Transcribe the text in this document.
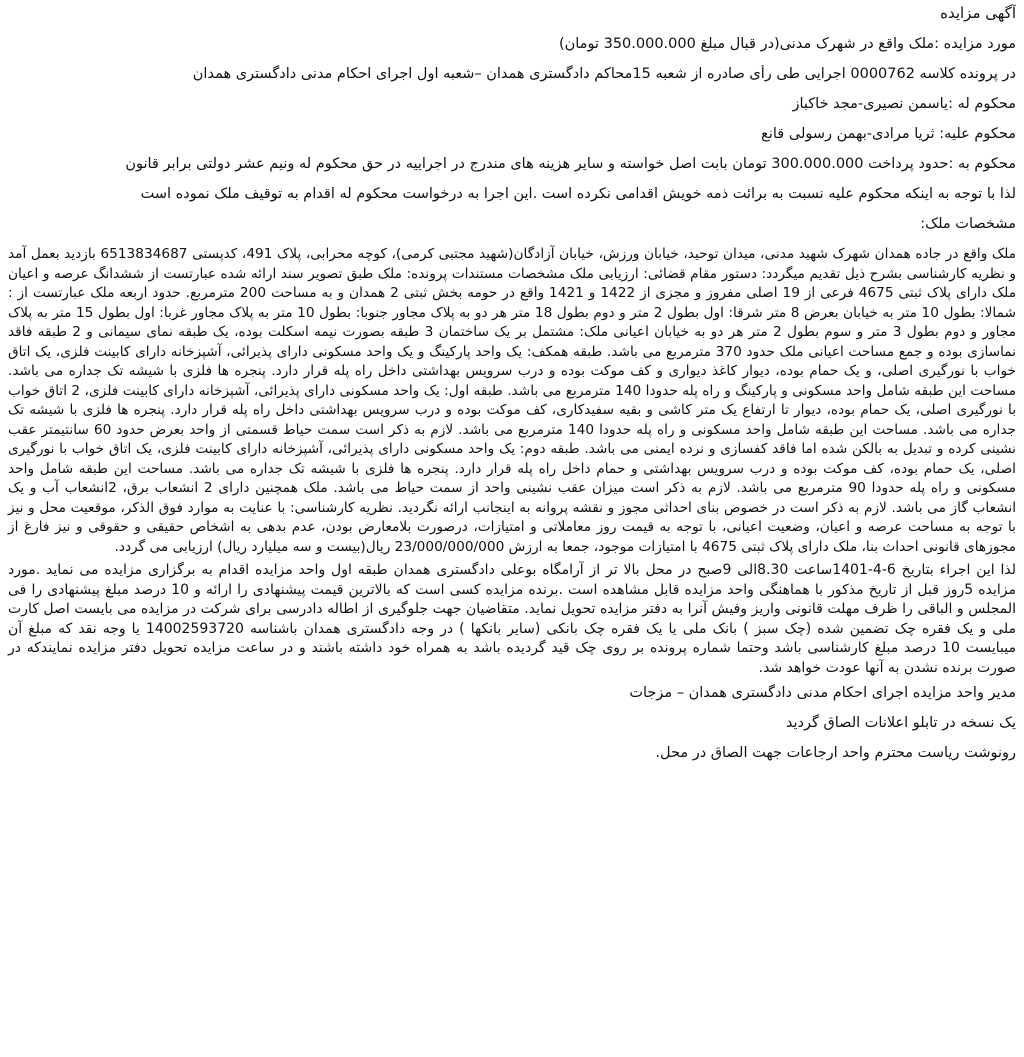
آگهی مزایده
مورد مزایده :ملک واقع در شهرک مدنی(در قبال مبلغ 350.000.000 تومان)
در پرونده کلاسه 0000762 اجرایی طی رأی صادره از شعبه 15محاکم دادگستری همدان –شعبه اول اجرای احکام مدنی دادگستری همدان
محکوم له :یاسمن نصیری-مجد خاکباز
محکوم علیه: ثریا مرادی-بهمن رسولی قانع
محکوم به :حدود پرداخت 300.000.000 تومان بابت اصل خواسته و سایر هزینه های مندرج در اجراییه در حق محکوم له ونیم عشر دولتی برابر قانون
لذا با توجه به اینکه محکوم علیه نسبت به برائت ذمه خویش اقدامی نکرده است .این اجرا به درخواست محکوم له اقدام به توقیف ملک نموده است
مشخصات ملک:

ملک واقع در جاده همدان شهرک شهید مدنی، میدان توحید، خیابان ورزش، خیابان آزادگان(شهید مجتبی کرمی)، کوچه محرابی، پلاک 491، کدپستی 6513834687 بازدید بعمل آمد و نظریه کارشناسی بشرح ذیل تقدیم میگردد: دستور مقام قضائی: ارزیابی ملک مشخصات مستندات پرونده: ملک طبق تصویر سند ارائه شده عبارتست از ششدانگ عرصه و اعیان ملک دارای پلاک ثبتی 4675 فرعی از 19 اصلی مفروز و مجزی از 1422 و 1421 واقع در حومه بخش ثبتی 2 همدان و به مساحت 200 مترمربع. حدود اربعه ملک عبارتست از : شمالا: بطول 10 متر به خیابان بعرض 8 متر شرقا: اول بطول 2 متر و دوم بطول 18 متر هر دو به پلاک مجاور جنوبا: بطول 10 متر به پلاک مجاور غربا: اول بطول 15 متر به پلاک مجاور و دوم بطول 3 متر و سوم بطول 2 متر هر دو به خیابان اعیانی ملک: مشتمل بر یک ساختمان 3 طبقه بصورت نیمه اسکلت بوده، یک طبقه نمای سیمانی و 2 طبقه فاقد نماسازی بوده و جمع مساحت اعیانی ملک حدود 370 مترمربع می باشد. طبقه همکف: یک واحد پارکینگ و یک واحد مسکونی دارای پذیرائی، آشپزخانه دارای کابینت فلزی، یک اتاق خواب با نورگیری اصلی، و یک حمام بوده، دیوار کاغذ دیواری و کف موکت بوده و درب سرویس بهداشتی داخل راه پله قرار دارد. پنجره ها فلزی با شیشه تک جداره می باشد. مساحت این طبقه شامل واحد مسکونی و پارکینگ و راه پله حدودا 140 مترمربع می باشد. طبقه اول: یک واحد مسکونی دارای پذیرائی، آشپزخانه دارای کابینت فلزی، 2 اتاق خواب با نورگیری اصلی، یک حمام بوده، دیوار تا ارتفاع یک متر کاشی و بقیه سفیدکاری، کف موکت بوده و درب سرویس بهداشتی داخل راه پله قرار دارد. پنجره ها فلزی با شیشه تک جداره می باشد. مساحت این طبقه شامل واحد مسکونی و راه پله حدودا 140 مترمربع می باشد. لازم به ذکر است سمت حیاط قسمتی از واحد بعرض حدود 60 سانتیمتر عقب نشینی کرده و تبدیل به بالکن شده اما فاقد کفسازی و نرده ایمنی می باشد. طبقه دوم: یک واحد مسکونی دارای پذیرائی، آشپزخانه دارای کابینت فلزی، یک اتاق خواب با نورگیری اصلی، یک حمام بوده، کف موکت بوده و درب سرویس بهداشتی و حمام داخل راه پله قرار دارد. پنجره ها فلزی با شیشه تک جداره می باشد. مساحت این طبقه شامل واحد مسکونی و راه پله حدودا 90 مترمربع می باشد. لازم به ذکر است میزان عقب نشینی واحد از سمت حیاط می باشد. ملک همچنین دارای 2 انشعاب برق، 2انشعاب آب و یک انشعاب گاز می باشد. لازم به ذکر است در خصوص بنای احداثی مجوز و نقشه پروانه به اینجانب ارائه نگردید. نظریه کارشناسی: با عنایت به موارد فوق الذکر، موقعیت محل و نیز با توجه به مساحت عرصه و اعیان، وضعیت اعیانی، با توجه به قیمت روز معاملاتی و امتیازات، درصورت بلامعارض بودن، عدم بدهی به اشخاص حقیقی و حقوقی و نیز فارغ از مجوزهای قانونی احداث بنا، ملک دارای پلاک ثبتی 4675 با امتیازات موجود، جمعا به ارزش 23/000/000/000 ریال(بیست و سه میلیارد ریال) ارزیابی می گردد.

لذا این اجراء بتاریخ 6-4-1401ساعت 8.30الی 9صبح در محل بالا تر از آرامگاه بوعلی دادگستری همدان طبقه اول واحد مزایده اقدام به برگزاری مزایده می نماید .مورد مزایده 5روز قبل از تاریخ مذکور با هماهنگی واحد مزایده قابل مشاهده است .برنده مزایده کسی است که بالاترین قیمت پیشنهادی را ارائه و 10 درصد مبلغ پیشنهادی را فی المجلس و الباقی را ظرف مهلت قانونی واریز وفیش آنرا به دفتر مزایده تحویل نماید. متقاضیان جهت جلوگیری از اطاله دادرسی برای شرکت در مزایده می بایست اصل کارت ملی و یک فقره چک تضمین شده (چک سبز ) بانک ملی یا یک فقره چک بانکی (سایر بانکها ) در وجه دادگستری همدان باشناسه 14002593720 یا وجه نقد که مبلغ آن میبایست 10 درصد مبلغ کارشناسی باشد وحتما شماره پرونده بر روی چک قید گردیده باشد به همراه خود داشته باشند و در ساعت مزایده تحویل دفتر مزایده نمایندکه در صورت برنده نشدن به آنها عودت خواهد شد.

مدیر واحد مزایده اجرای احکام مدنی دادگستری همدان – مزجات
یک نسخه در تابلو اعلانات الصاق گردید
رونوشت ریاست محترم واحد ارجاعات جهت الصاق در محل.
